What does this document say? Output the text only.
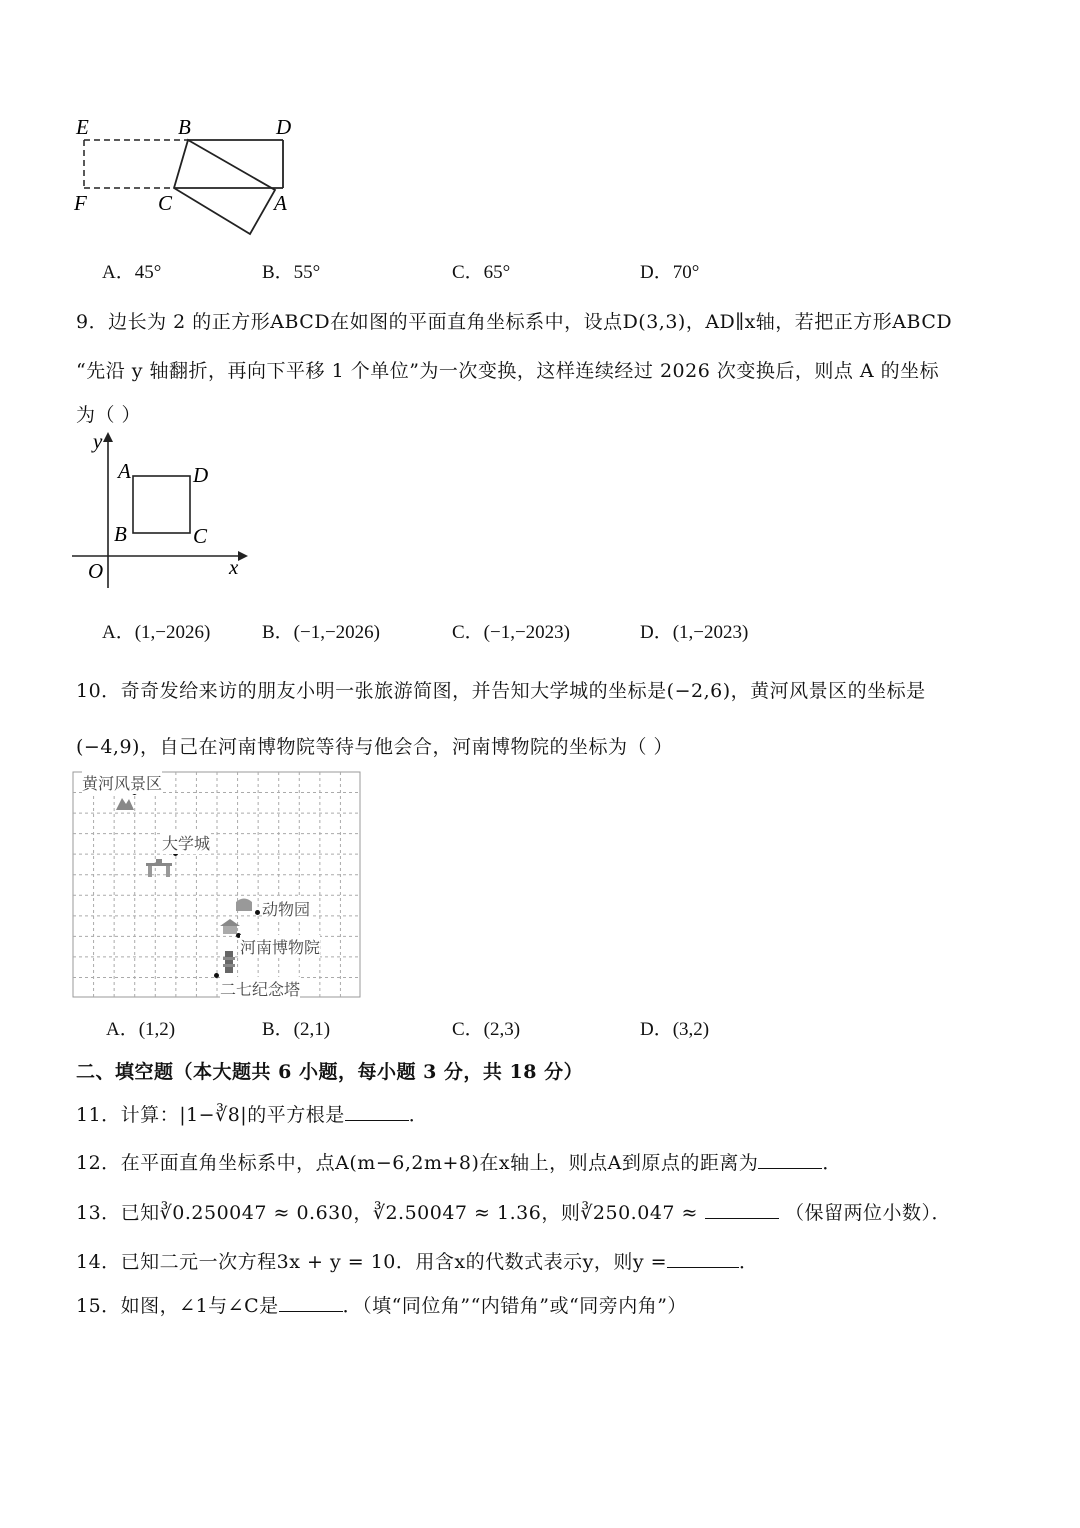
E	B	D
F	C	A
A．45°	B．55°	C．65°	D．70°
9．边长为 2 的正方形ABCD在如图的平面直角坐标系中，设点D(3,3)，AD∥x轴，若把正方形ABCD
“先沿 y 轴翻折，再向下平移 1 个单位”为一次变换，这样连续经过 2026 次变换后，则点 A 的坐标
为（ ）
y
A	D
B	C
O	x
A．(1,−2026)	B．(−1,−2026)	C．(−1,−2023)	D．(1,−2023)
10．奇奇发给来访的朋友小明一张旅游简图，并告知大学城的坐标是(−2,6)，黄河风景区的坐标是
(−4,9)，自己在河南博物院等待与他会合，河南博物院的坐标为（ ）
黄河风景区
大学城
动物园
河南博物院
二七纪念塔
A．(1,2)	B．(2,1)	C．(2,3)	D．(3,2)
二、填空题（本大题共 6 小题，每小题 3 分，共 18 分）
11．计算：|1−∛8|的平方根是	．
12．在平面直角坐标系中，点A(m−6,2m+8)在x轴上，则点A到原点的距离为	．
13．已知∛0.250047 ≈ 0.630，∛2.50047 ≈ 1.36，则∛250.047 ≈	（保留两位小数）．
14．已知二元一次方程3x + y = 10．用含x的代数式表示y，则y =	．
15．如图，∠1与∠C是	．（填“同位角”“内错角”或“同旁内角”）
